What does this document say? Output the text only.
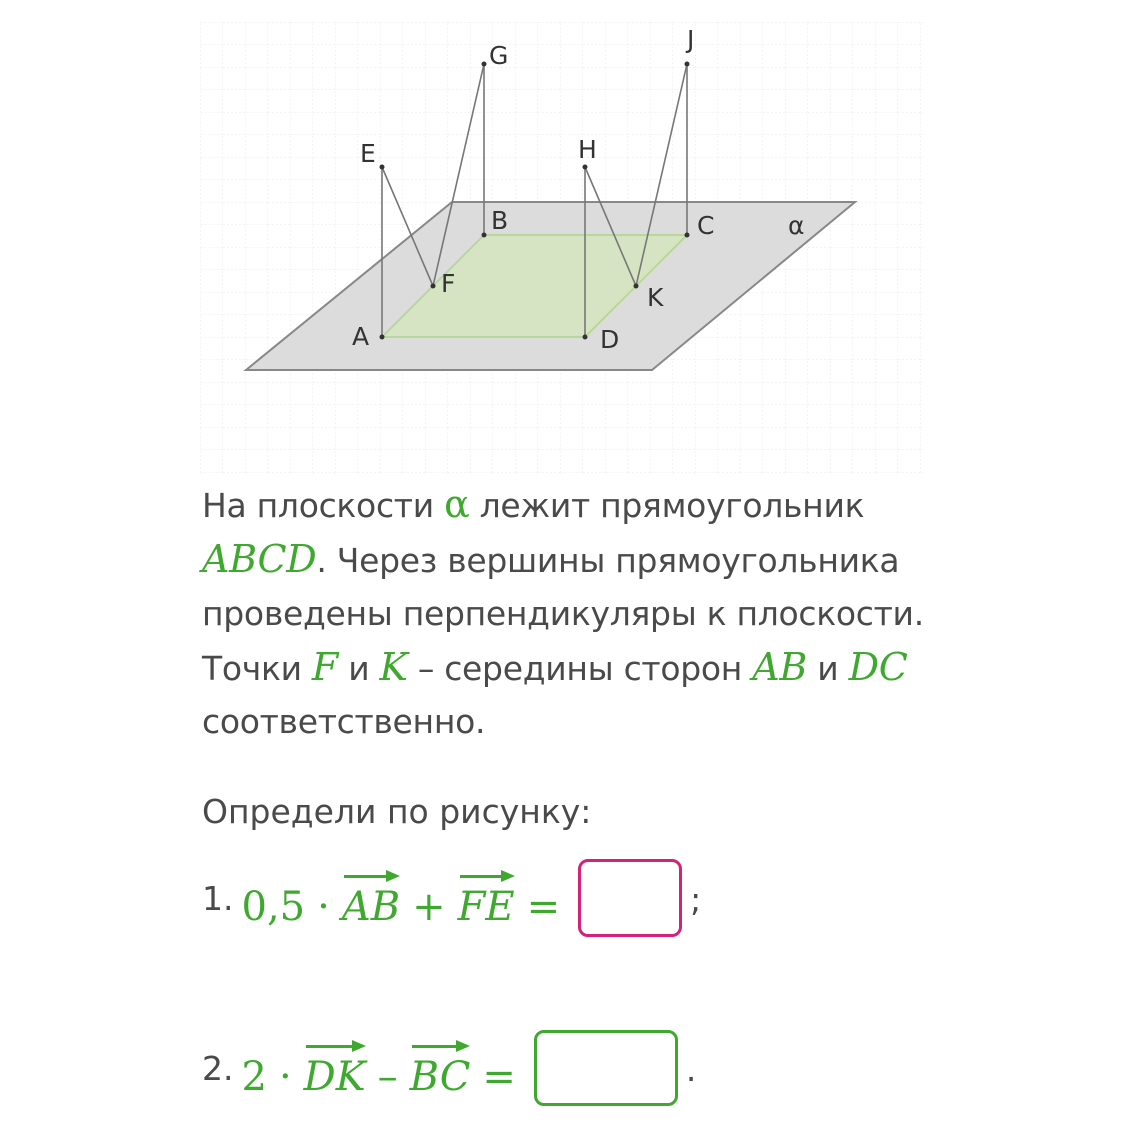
A
B	C
D
E
F
G
H
J
K
α
На плоскости α лежит прямоугольник
ABCD. Через вершины прямоугольника
проведены перпендикуляры к плоскости.
Точки F и K – середины сторон AB и DC
соответственно.
Определи по рисунку:
1. 0,5 · AB + FE =	;
2. 2 · DK – BC =	.
